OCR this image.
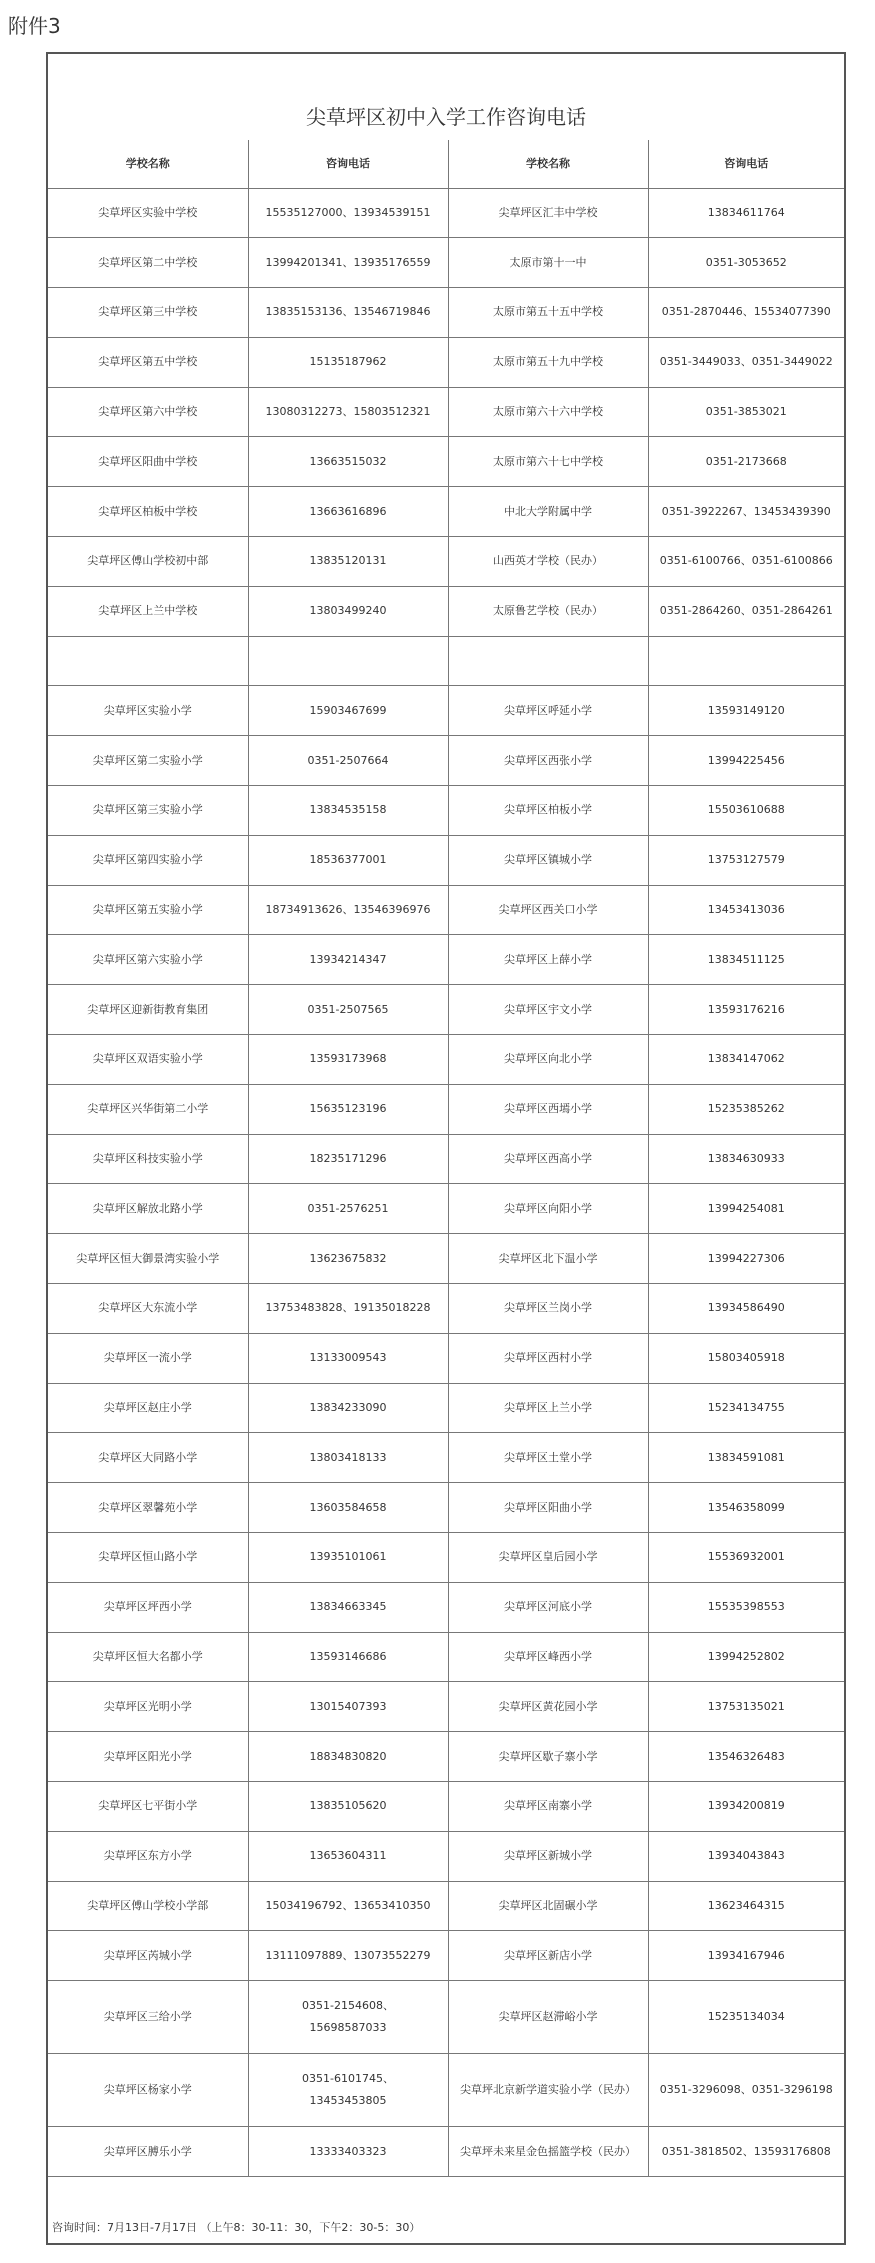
附件3
尖草坪区初中入学工作咨询电话
学校名称	咨询电话	学校名称	咨询电话
尖草坪区实验中学校	15535127000、13934539151	尖草坪区汇丰中学校	13834611764
尖草坪区第二中学校	13994201341、13935176559	太原市第十一中	0351-3053652
尖草坪区第三中学校	13835153136、13546719846	太原市第五十五中学校	0351-2870446、15534077390
尖草坪区第五中学校	15135187962	太原市第五十九中学校	0351-3449033、0351-3449022
尖草坪区第六中学校	13080312273、15803512321	太原市第六十六中学校	0351-3853021
尖草坪区阳曲中学校	13663515032	太原市第六十七中学校	0351-2173668
尖草坪区柏板中学校	13663616896	中北大学附属中学	0351-3922267、13453439390
尖草坪区傅山学校初中部	13835120131	山西英才学校（民办）	0351-6100766、0351-6100866
尖草坪区上兰中学校	13803499240	太原鲁艺学校（民办）	0351-2864260、0351-2864261

尖草坪区实验小学	15903467699	尖草坪区呼延小学	13593149120
尖草坪区第二实验小学	0351-2507664	尖草坪区西张小学	13994225456
尖草坪区第三实验小学	13834535158	尖草坪区柏板小学	15503610688
尖草坪区第四实验小学	18536377001	尖草坪区镇城小学	13753127579
尖草坪区第五实验小学	18734913626、13546396976	尖草坪区西关口小学	13453413036
尖草坪区第六实验小学	13934214347	尖草坪区上薛小学	13834511125
尖草坪区迎新街教育集团	0351-2507565	尖草坪区宇文小学	13593176216
尖草坪区双语实验小学	13593173968	尖草坪区向北小学	13834147062
尖草坪区兴华街第二小学	15635123196	尖草坪区西墕小学	15235385262
尖草坪区科技实验小学	18235171296	尖草坪区西高小学	13834630933
尖草坪区解放北路小学	0351-2576251	尖草坪区向阳小学	13994254081
尖草坪区恒大御景湾实验小学	13623675832	尖草坪区北下温小学	13994227306
尖草坪区大东流小学	13753483828、19135018228	尖草坪区兰岗小学	13934586490
尖草坪区一流小学	13133009543	尖草坪区西村小学	15803405918
尖草坪区赵庄小学	13834233090	尖草坪区上兰小学	15234134755
尖草坪区大同路小学	13803418133	尖草坪区土堂小学	13834591081
尖草坪区翠馨苑小学	13603584658	尖草坪区阳曲小学	13546358099
尖草坪区恒山路小学	13935101061	尖草坪区皇后园小学	15536932001
尖草坪区坪西小学	13834663345	尖草坪区河底小学	15535398553
尖草坪区恒大名都小学	13593146686	尖草坪区峰西小学	13994252802
尖草坪区光明小学	13015407393	尖草坪区黄花园小学	13753135021
尖草坪区阳光小学	18834830820	尖草坪区歇子寨小学	13546326483
尖草坪区七平街小学	13835105620	尖草坪区南寨小学	13934200819
尖草坪区东方小学	13653604311	尖草坪区新城小学	13934043843
尖草坪区傅山学校小学部	15034196792、13653410350	尖草坪区北固碾小学	13623464315
尖草坪区芮城小学	13111097889、13073552279	尖草坪区新店小学	13934167946
尖草坪区三给小学	0351-2154608、
15698587033	尖草坪区赵滞峪小学	15235134034
尖草坪区杨家小学	0351-6101745、
13453453805	尖草坪北京新学道实验小学（民办）	0351-3296098、0351-3296198
尖草坪区膊乐小学	13333403323	尖草坪未来星金色摇篮学校（民办）	0351-3818502、13593176808
咨询时间：7月13日-7月17日 （上午8：30-11：30，下午2：30-5：30）
